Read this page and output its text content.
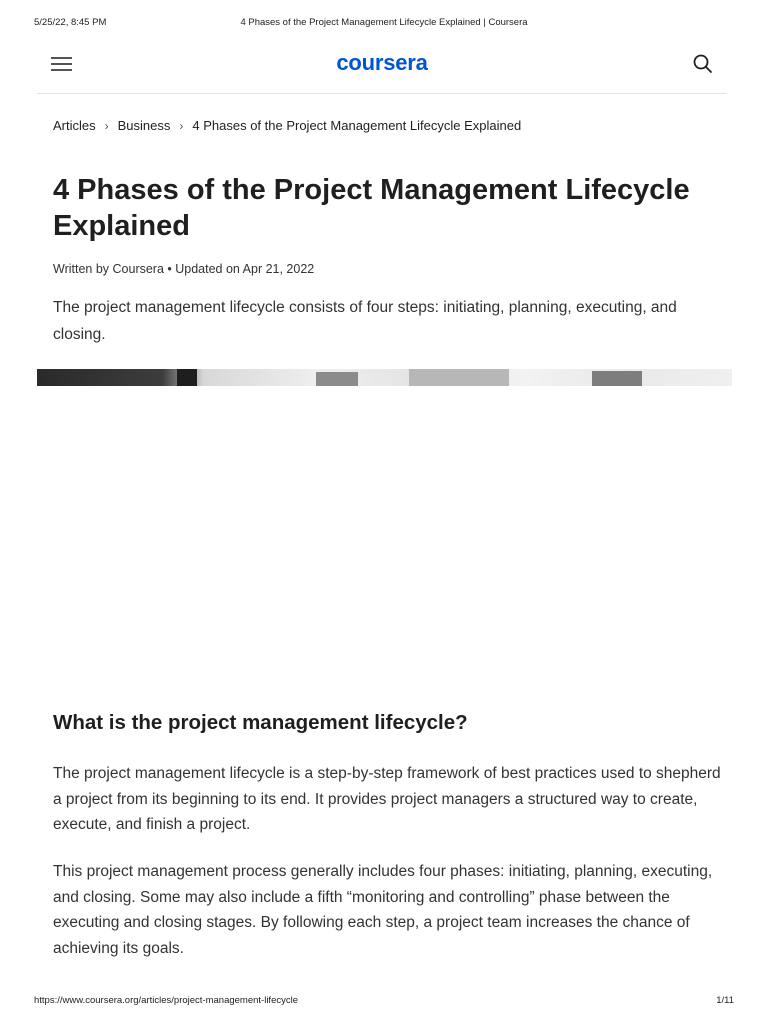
5/25/22, 8:45 PM	4 Phases of the Project Management Lifecycle Explained | Coursera
coursera
Articles › Business › 4 Phases of the Project Management Lifecycle Explained
4 Phases of the Project Management Lifecycle Explained
Written by Coursera • Updated on Apr 21, 2022

The project management lifecycle consists of four steps: initiating, planning, executing, and closing.

What is the project management lifecycle?

The project management lifecycle is a step-by-step framework of best practices used to shepherd a project from its beginning to its end. It provides project managers a structured way to create, execute, and finish a project.

This project management process generally includes four phases: initiating, planning, executing, and closing. Some may also include a fifth “monitoring and controlling” phase between the executing and closing stages. By following each step, a project team increases the chance of achieving its goals.

https://www.coursera.org/articles/project-management-lifecycle	1/11
